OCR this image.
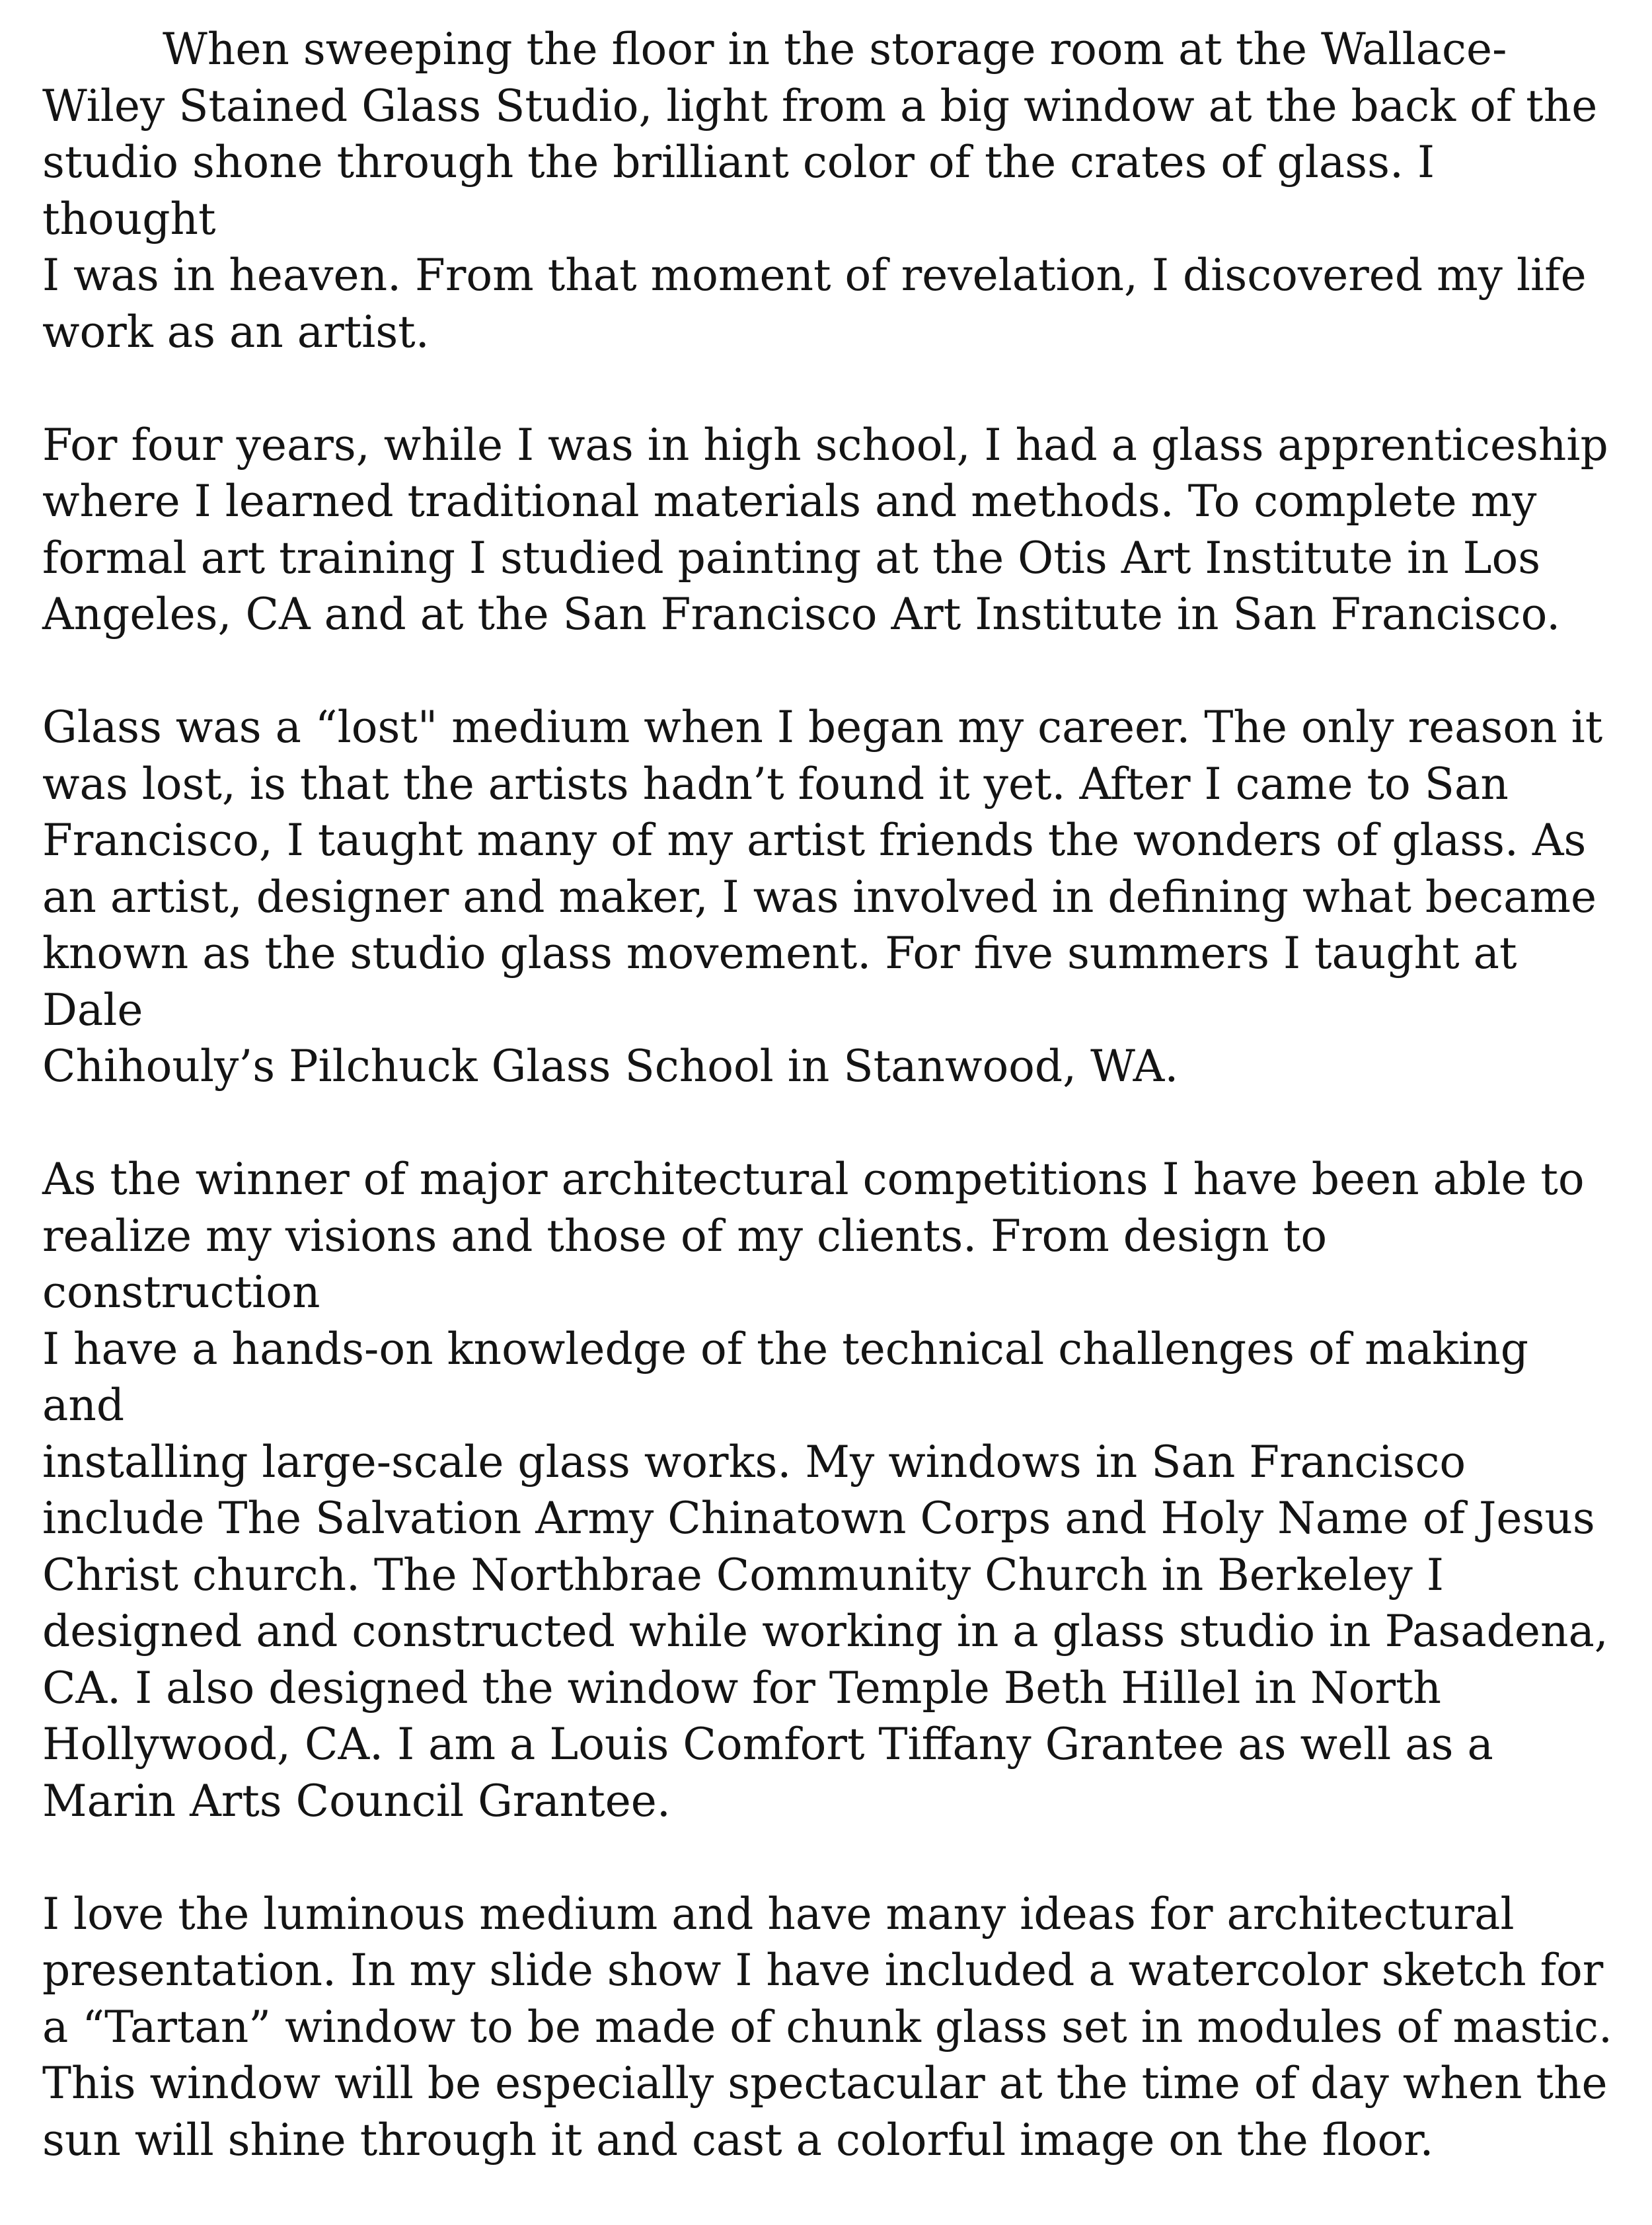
When sweeping the floor in the storage room at the Wallace-
Wiley Stained Glass Studio, light from a big window at the back of the
studio shone through the brilliant color of the crates of glass. I thought
I was in heaven. From that moment of revelation, I discovered my life
work as an artist.

For four years, while I was in high school, I had a glass apprenticeship
where I learned traditional materials and methods. To complete my
formal art training I studied painting at the Otis Art Institute in Los
Angeles, CA and at the San Francisco Art Institute in San Francisco.

Glass was a “lost" medium when I began my career. The only reason it
was lost, is that the artists hadn’t found it yet. After I came to San
Francisco, I taught many of my artist friends the wonders of glass. As
an artist, designer and maker, I was involved in defining what became
known as the studio glass movement. For five summers I taught at Dale
Chihouly’s Pilchuck Glass School in Stanwood, WA.

As the winner of major architectural competitions I have been able to
realize my visions and those of my clients. From design to construction
I have a hands-on knowledge of the technical challenges of making and
installing large-scale glass works. My windows in San Francisco
include The Salvation Army Chinatown Corps and Holy Name of Jesus
Christ church. The Northbrae Community Church in Berkeley I
designed and constructed while working in a glass studio in Pasadena,
CA. I also designed the window for Temple Beth Hillel in North
Hollywood, CA. I am a Louis Comfort Tiffany Grantee as well as a
Marin Arts Council Grantee.

I love the luminous medium and have many ideas for architectural
presentation. In my slide show I have included a watercolor sketch for
a “Tartan” window to be made of chunk glass set in modules of mastic.
This window will be especially spectacular at the time of day when the
sun will shine through it and cast a colorful image on the floor.
